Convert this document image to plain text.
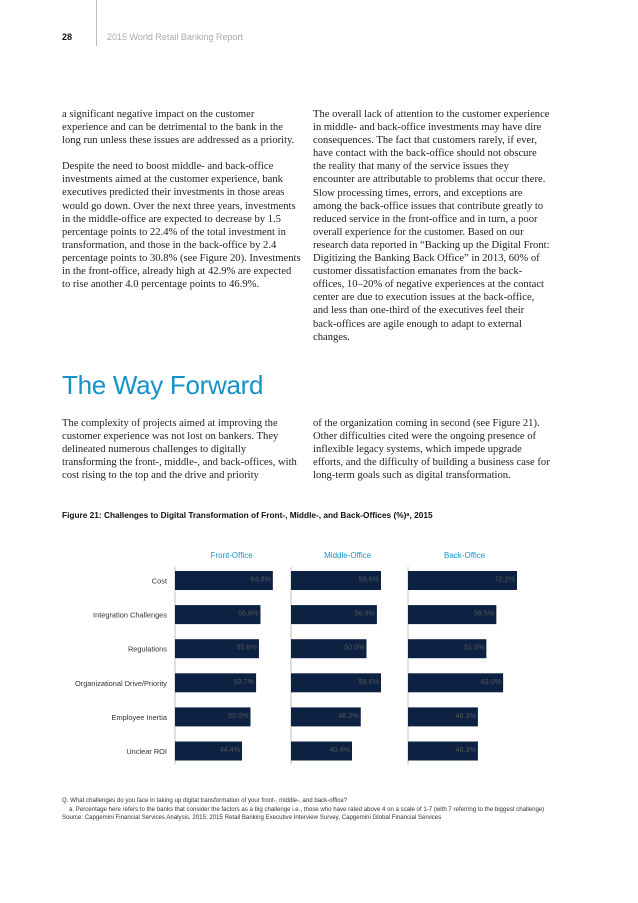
28	2015 World Retail Banking Report

a significant negative impact on the customer experience and can be detrimental to the bank in the long run unless these issues are addressed as a priority.

Despite the need to boost middle- and back-office investments aimed at the customer experience, bank executives predicted their investments in those areas would go down. Over the next three years, investments in the middle-office are expected to decrease by 1.5 percentage points to 22.4% of the total investment in transformation, and those in the back-office by 2.4 percentage points to 30.8% (see Figure 20). Investments in the front-office, already high at 42.9% are expected to rise another 4.0 percentage points to 46.9%.

The overall lack of attention to the customer experience in middle- and back-office investments may have dire consequences. The fact that customers rarely, if ever, have contact with the back-office should not obscure the reality that many of the service issues they encounter are attributable to problems that occur there. Slow processing times, errors, and exceptions are among the back-office issues that contribute greatly to reduced service in the front-office and in turn, a poor overall experience for the customer. Based on our research data reported in “Backing up the Digital Front: Digitizing the Banking Back Office” in 2013, 60% of customer dissatisfaction emanates from the back-offices, 10–20% of negative experiences at the contact center are due to execution issues at the back-office, and less than one-third of the executives feel their back-offices are agile enough to adapt to external changes.

The Way Forward

The complexity of projects aimed at improving the customer experience was not lost on bankers. They delineated numerous challenges to digitally transforming the front-, middle-, and back-offices, with cost rising to the top and the drive and priority

of the organization coming in second (see Figure 21). Other difficulties cited were the ongoing presence of inflexible legacy systems, which impede upgrade efforts, and the difficulty of building a business case for long-term goals such as digital transformation.

Figure 21: Challenges to Digital Transformation of Front-, Middle-, and Back-Offices (%)ᵃ, 2015
Cost
Integration Challenges
Regulations
Organizational Drive/Priority
Employee Inertia
Unclear ROI
Front-Office
64.8%
56.6%
55.6%
53.7%
50.0%
44.4%
Middle-Office
59.6%
56.9%
50.0%
59.6%
46.2%
40.4%
Back-Office
72.2%
58.5%
51.9%
63.0%
46.3%
46.3%
Q. What challenges do you face in taking up digital transformation of your front-, middle-, and back-office?
a. Percentage here refers to the banks that consider the factors as a big challenge i.e., those who have rated above 4 on a scale of 1-7 (with 7 referring to the biggest challenge)
Source: Capgemini Financial Services Analysis, 2015; 2015 Retail Banking Executive Interview Survey, Capgemini Global Financial Services
